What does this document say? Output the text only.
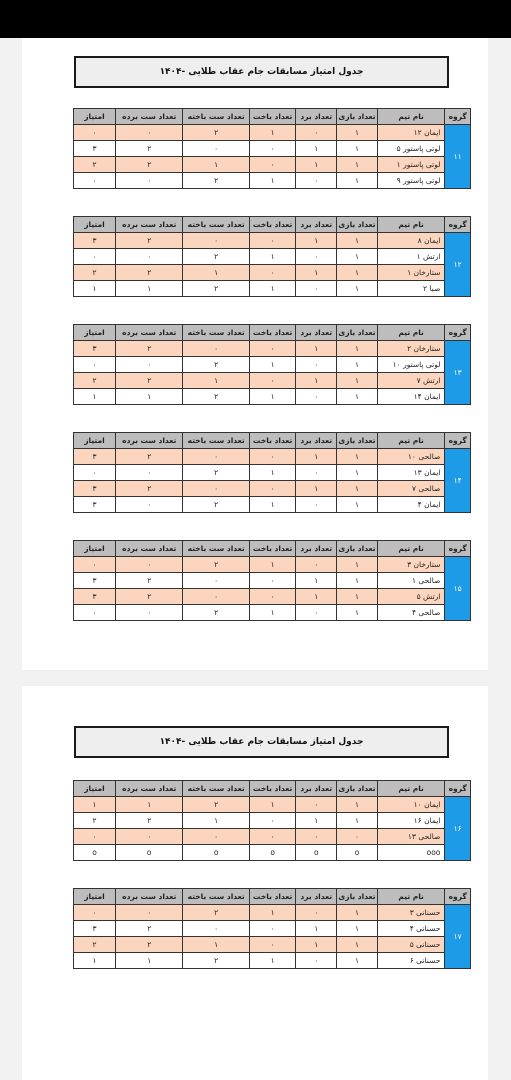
جدول امتیاز مسابقات جام عقاب طلایی -۱۴۰۴
گروه	نام تیم	تعداد بازی	تعداد برد	تعداد باخت	تعداد ست باخته	تعداد ست برده	امتیاز
۱۱	ایمان ۱۲	۱	۰	۱	۲	۰	۰
	لوتی پاستور ۵	۱	۱	۰	۰	۲	۳
	لوتی پاستور ۱	۱	۱	۰	۱	۲	۲
	لوتی پاستور ۹	۱	۰	۱	۲	۰	۰
گروه	نام تیم	تعداد بازی	تعداد برد	تعداد باخت	تعداد ست باخته	تعداد ست برده	امتیاز
۱۲	ایمان ۸	۱	۱	۰	۰	۲	۳
	ارتش ۱	۱	۰	۱	۲	۰	۰
	ستارخان ۱	۱	۱	۰	۱	۲	۲
	صبا ۲	۱	۰	۱	۲	۱	۱
گروه	نام تیم	تعداد بازی	تعداد برد	تعداد باخت	تعداد ست باخته	تعداد ست برده	امتیاز
۱۳	ستارخان ۲	۱	۱	۰	۰	۲	۳
	لوتی پاستور ۱۰	۱	۰	۱	۲	۰	۰
	ارتش ۷	۱	۱	۰	۱	۲	۲
	ایمان ۱۴	۱	۰	۱	۲	۱	۱
گروه	نام تیم	تعداد بازی	تعداد برد	تعداد باخت	تعداد ست باخته	تعداد ست برده	امتیاز
۱۴	صالحی ۱۰	۱	۱	۰	۰	۲	۳
	ایمان ۱۳	۱	۰	۱	۲	۰	۰
	صالحی ۷	۱	۱	۰	۰	۲	۳
	ایمان ۴	۱	۰	۱	۲	۰	۳
گروه	نام تیم	تعداد بازی	تعداد برد	تعداد باخت	تعداد ست باخته	تعداد ست برده	امتیاز
۱۵	ستارخان ۳	۱	۰	۱	۲	۰	۰
	صالحی ۱	۱	۱	۰	۰	۲	۳
	ارتش ۵	۱	۱	۰	۰	۲	۳
	صالحی ۴	۱	۰	۱	۲	۰	۰
جدول امتیاز مسابقات جام عقاب طلایی -۱۴۰۴
گروه	نام تیم	تعداد بازی	تعداد برد	تعداد باخت	تعداد ست باخته	تعداد ست برده	امتیاز
۱۶	ایمان ۱۰	۱	۰	۱	۲	۱	۱
	ایمان ۱۶	۱	۱	۰	۱	۲	۲
	صالحی ۱۳	۰	۰	۰	۰	۰	۰
	ooo	o	o	o	o	o	o
گروه	نام تیم	تعداد بازی	تعداد برد	تعداد باخت	تعداد ست باخته	تعداد ست برده	امتیاز
۱۷	حسنانی ۳	۱	۰	۱	۲	۰	۰
	حسنانی ۴	۱	۱	۰	۰	۲	۳
	حسنانی ۵	۱	۱	۰	۱	۲	۲
	حسنانی ۶	۱	۰	۱	۲	۱	۱
